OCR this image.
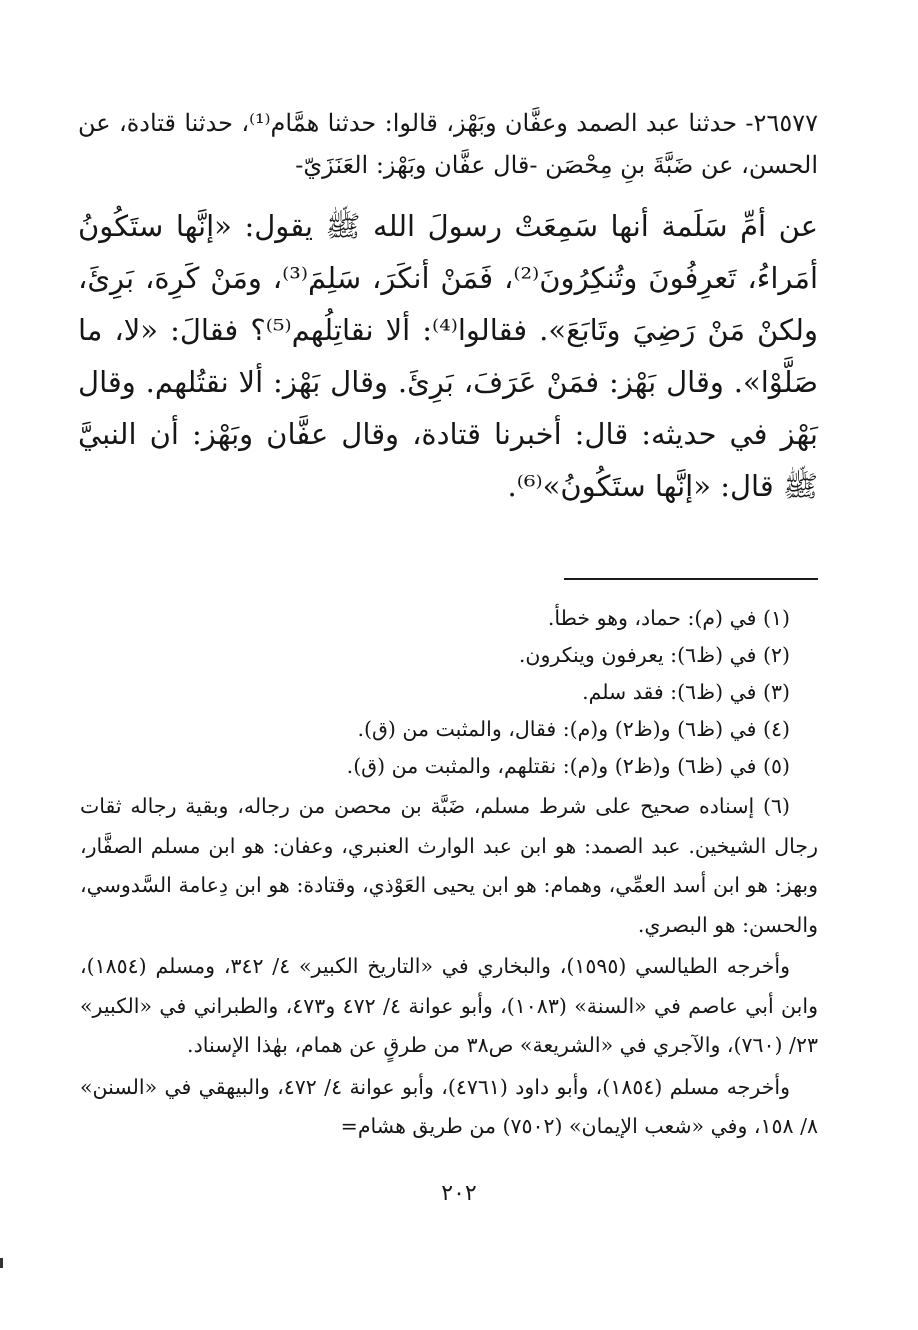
٢٦٥٧٧- حدثنا عبد الصمد وعفَّان وبَهْز، قالوا: حدثنا همَّام⁽¹⁾، حدثنا قتادة، عن الحسن، عن ضَبَّةَ بنِ مِحْصَن -قال عفَّان وبَهْز: العَنَزَيّ-

عن أمِّ سَلَمة أنها سَمِعَتْ رسولَ الله ﷺ يقول: «إنَّها ستَكُونُ أمَراءُ، تَعرِفُونَ وتُنكِرُونَ⁽²⁾، فَمَنْ أنكَرَ، سَلِمَ⁽³⁾، ومَنْ كَرِهَ، بَرِئَ، ولكنْ مَنْ رَضِيَ وتَابَعَ». فقالوا⁽⁴⁾: ألا نقاتِلُهم⁽⁵⁾؟ فقالَ: «لا، ما صَلَّوْا». وقال بَهْز: فمَنْ عَرَفَ، بَرِئَ. وقال بَهْز: ألا نقتُلهم. وقال بَهْز في حديثه: قال: أخبرنا قتادة، وقال عفَّان وبَهْز: أن النبيَّ ﷺ قال: «إنَّها ستَكُونُ»⁽⁶⁾.

(١) في (م): حماد، وهو خطأ.

(٢) في (ظ٦): يعرفون وينكرون.

(٣) في (ظ٦): فقد سلم.

(٤) في (ظ٦) و(ظ٢) و(م): فقال، والمثبت من (ق).

(٥) في (ظ٦) و(ظ٢) و(م): نقتلهم، والمثبت من (ق).

(٦) إسناده صحيح على شرط مسلم، ضَبَّة بن محصن من رجاله، وبقية رجاله ثقات رجال الشيخين. عبد الصمد: هو ابن عبد الوارث العنبري، وعفان: هو ابن مسلم الصفَّار، وبهز: هو ابن أسد العمِّي، وهمام: هو ابن يحيى العَوْذي، وقتادة: هو ابن دِعامة السَّدوسي، والحسن: هو البصري.

وأخرجه الطيالسي (١٥٩٥)، والبخاري في «التاريخ الكبير» ٤/ ٣٤٢، ومسلم (١٨٥٤)، وابن أبي عاصم في «السنة» (١٠٨٣)، وأبو عوانة ٤/ ٤٧٢ و٤٧٣، والطبراني في «الكبير» ٢٣/ (٧٦٠)، والآجري في «الشريعة» ص٣٨ من طرقٍ عن همام، بهٰذا الإسناد.

وأخرجه مسلم (١٨٥٤)، وأبو داود (٤٧٦١)، وأبو عوانة ٤/ ٤٧٢، والبيهقي في «السنن» ٨/ ١٥٨، وفي «شعب الإيمان» (٧٥٠٢) من طريق هشام=

٢٠٢
